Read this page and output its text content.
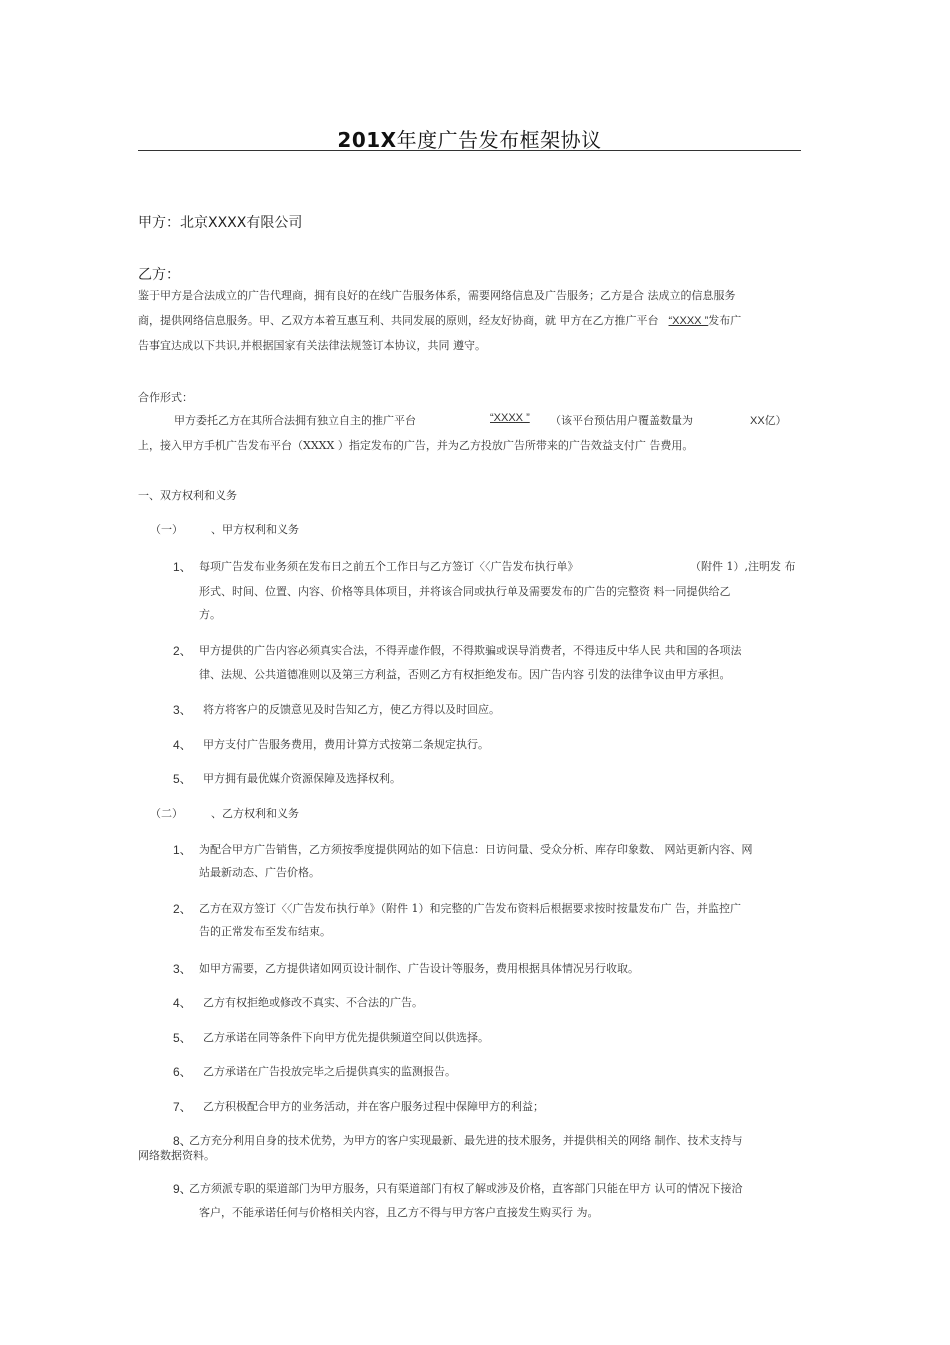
201X年度广告发布框架协议
甲方：北京XXXX有限公司
乙方：
鉴于甲方是合法成立的广告代理商，拥有良好的在线广告服务体系，需要网络信息及广告服务；乙方是合 法成立的信息服务
商，提供网络信息服务。甲、乙双方本着互惠互利、共同发展的原则，经友好协商，就 甲方在乙方推广平台 “XXXX ”发布广
告事宜达成以下共识,并根据国家有关法律法规签订本协议，共同 遵守。
合作形式：
甲方委托乙方在其所合法拥有独立自主的推广平台	“XXXX ” （该平台预估用户覆盖数量为	XX亿）
上，接入甲方手机广告发布平台（XXXX ）指定发布的广告，并为乙方投放广告所带来的广告效益支付广 告费用。
一、双方权利和义务
（一）	、甲方权利和义务
1、 每项广告发布业务须在发布日之前五个工作日与乙方签订〈〈广告发布执行单》	（附件 1）,注明发 布
形式、时间、位置、内容、价格等具体项目，并将该合同或执行单及需要发布的广告的完整资 料一同提供给乙
方。
2、 甲方提供的广告内容必须真实合法，不得弄虚作假，不得欺骗或误导消费者，不得违反中华人民 共和国的各项法
律、法规、公共道德准则以及第三方利益，否则乙方有权拒绝发布。因广告内容 引发的法律争议由甲方承担。
3、 将方将客户的反馈意见及时告知乙方，使乙方得以及时回应。
4、 甲方支付广告服务费用，费用计算方式按第二条规定执行。
5、 甲方拥有最优媒介资源保障及选择权利。
（二）	、乙方权利和义务
1、 为配合甲方广告销售，乙方须按季度提供网站的如下信息：日访问量、受众分析、库存印象数、 网站更新内容、网
站最新动态、广告价格。
2、 乙方在双方签订〈〈广告发布执行单》（附件 1）和完整的广告发布资料后根据要求按时按量发布广 告，并监控广
告的正常发布至发布结束。
3、 如甲方需要，乙方提供诸如网页设计制作、广告设计等服务，费用根据具体情况另行收取。
4、 乙方有权拒绝或修改不真实、不合法的广告。
5、 乙方承诺在同等条件下向甲方优先提供频道空间以供选择。
6、 乙方承诺在广告投放完毕之后提供真实的监测报告。
7、 乙方积极配合甲方的业务活动，并在客户服务过程中保障甲方的利益；
8、
乙方充分利用自身的技术优势，为甲方的客户实现最新、最先进的技术服务，并提供相关的网络 制作、技术支持与
网络数据资料。
9、
乙方须派专职的渠道部门为甲方服务，只有渠道部门有权了解或涉及价格，直客部门只能在甲方 认可的情况下接洽
客户，不能承诺任何与价格相关内容，且乙方不得与甲方客户直接发生购买行 为。
